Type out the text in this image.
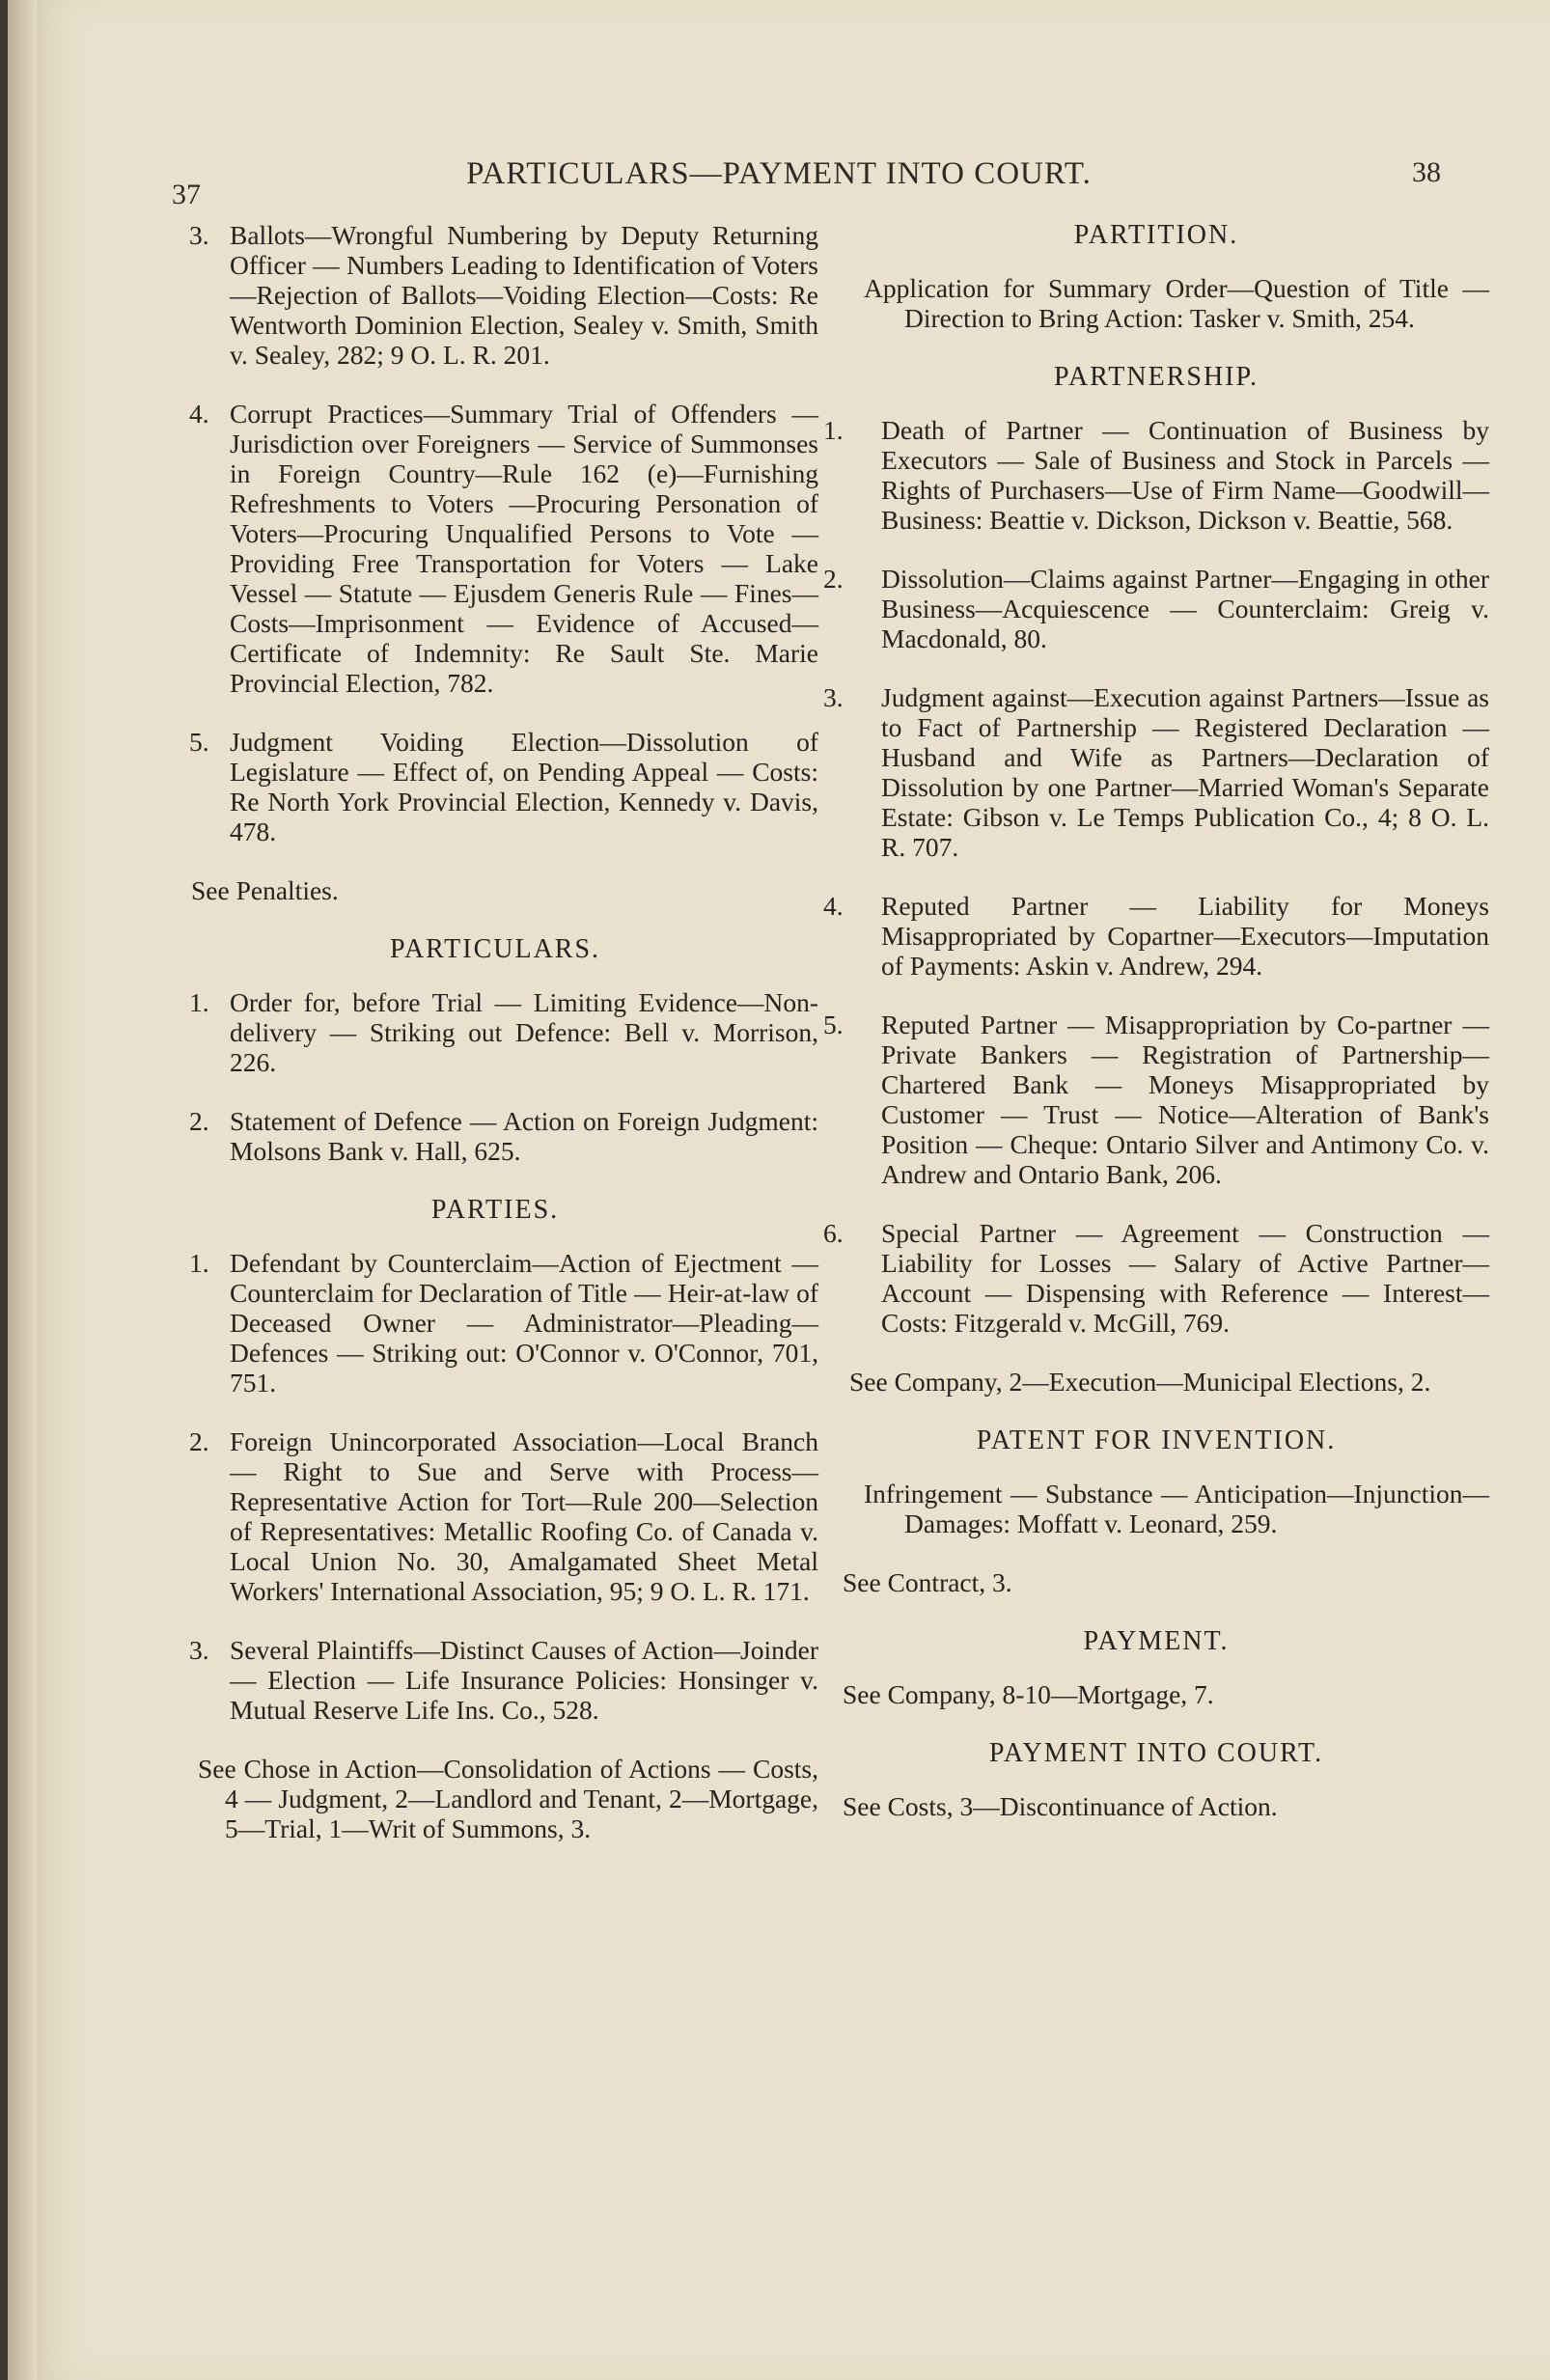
37
PARTICULARS—PAYMENT INTO COURT.	38
3. Ballots—Wrongful Numbering by Deputy Returning Officer — Numbers Leading to Identification of Voters—Rejection of Ballots—Voiding Election—Costs: Re Wentworth Dominion Election, Sealey v. Smith, Smith v. Sealey, 282; 9 O. L. R. 201.
4. Corrupt Practices—Summary Trial of Offenders — Jurisdiction over Foreigners — Service of Summonses in Foreign Country—Rule 162 (e)—Furnishing Refreshments to Voters —Procuring Personation of Voters—Procuring Unqualified Persons to Vote — Providing Free Transportation for Voters — Lake Vessel — Statute — Ejusdem Generis Rule — Fines—Costs—Imprisonment — Evidence of Accused— Certificate of Indemnity: Re Sault Ste. Marie Provincial Election, 782.
5. Judgment Voiding Election—Dissolution of Legislature — Effect of, on Pending Appeal — Costs: Re North York Provincial Election, Kennedy v. Davis, 478.
See Penalties.
PARTICULARS.
1. Order for, before Trial — Limiting Evidence—Non-delivery — Striking out Defence: Bell v. Morrison, 226.
2. Statement of Defence — Action on Foreign Judgment: Molsons Bank v. Hall, 625.
PARTIES.
1. Defendant by Counterclaim—Action of Ejectment — Counterclaim for Declaration of Title — Heir-at-law of Deceased Owner — Administrator—Pleading—Defences — Striking out: O'Connor v. O'Connor, 701, 751.
2. Foreign Unincorporated Association—Local Branch — Right to Sue and Serve with Process—Representative Action for Tort—Rule 200—Selection of Representatives: Metallic Roofing Co. of Canada v. Local Union No. 30, Amalgamated Sheet Metal Workers' International Association, 95; 9 O. L. R. 171.
3. Several Plaintiffs—Distinct Causes of Action—Joinder — Election — Life Insurance Policies: Honsinger v. Mutual Reserve Life Ins. Co., 528.
See Chose in Action—Consolidation of Actions — Costs, 4 — Judgment, 2—Landlord and Tenant, 2—Mortgage, 5—Trial, 1—Writ of Summons, 3.
PARTITION.
Application for Summary Order—Question of Title — Direction to Bring Action: Tasker v. Smith, 254.
PARTNERSHIP.
1. Death of Partner — Continuation of Business by Executors — Sale of Business and Stock in Parcels — Rights of Purchasers—Use of Firm Name—Goodwill—Business: Beattie v. Dickson, Dickson v. Beattie, 568.
2. Dissolution—Claims against Partner—Engaging in other Business—Acquiescence — Counterclaim: Greig v. Macdonald, 80.
3. Judgment against—Execution against Partners—Issue as to Fact of Partnership — Registered Declaration — Husband and Wife as Partners—Declaration of Dissolution by one Partner—Married Woman's Separate Estate: Gibson v. Le Temps Publication Co., 4; 8 O. L. R. 707.
4. Reputed Partner — Liability for Moneys Misappropriated by Copartner—Executors—Imputation of Payments: Askin v. Andrew, 294.
5. Reputed Partner — Misappropriation by Co-partner — Private Bankers — Registration of Partnership—Chartered Bank — Moneys Misappropriated by Customer — Trust — Notice—Alteration of Bank's Position — Cheque: Ontario Silver and Antimony Co. v. Andrew and Ontario Bank, 206.
6. Special Partner — Agreement — Construction — Liability for Losses — Salary of Active Partner—Account — Dispensing with Reference — Interest—Costs: Fitzgerald v. McGill, 769.
See Company, 2—Execution—Municipal Elections, 2.
PATENT FOR INVENTION.
Infringement — Substance — Anticipation—Injunction—Damages: Moffatt v. Leonard, 259.
See Contract, 3.
PAYMENT.
See Company, 8-10—Mortgage, 7.
PAYMENT INTO COURT.
See Costs, 3—Discontinuance of Action.
